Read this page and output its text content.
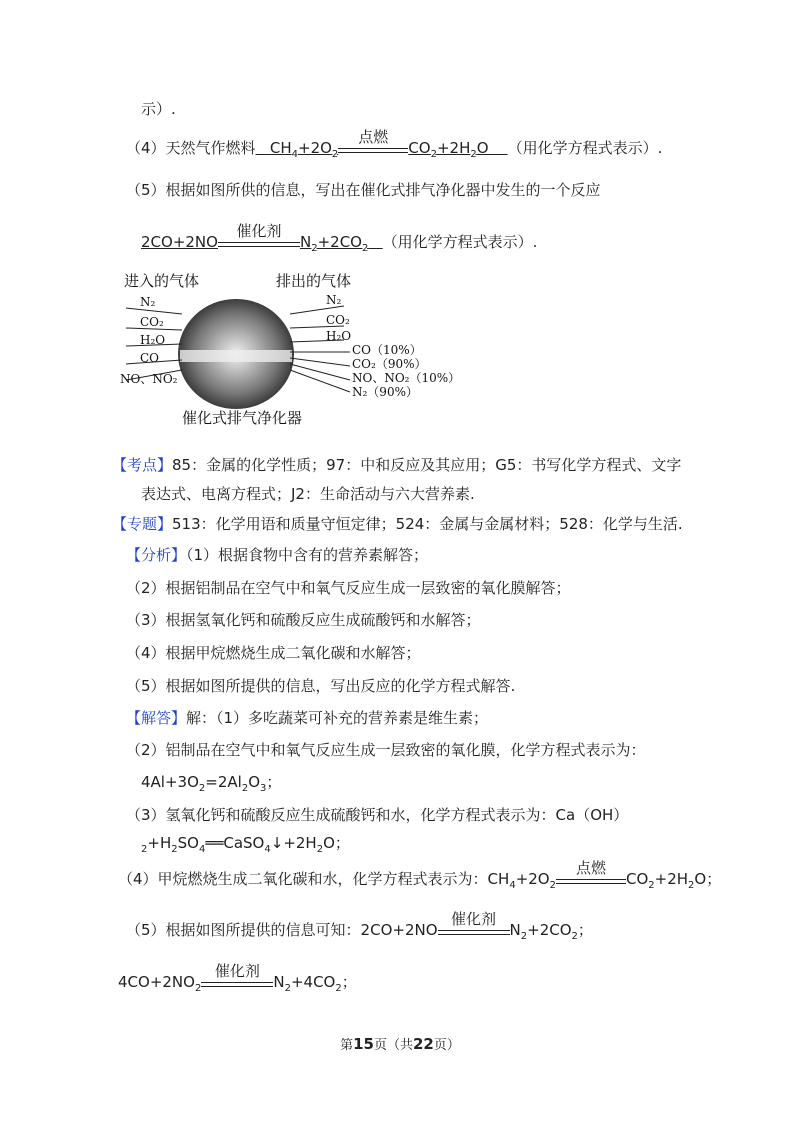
示）.
（4）天然气作燃料 $CH_4+2O_2$
点燃
$CO_2+2H_2O$    （用化学方程式表示）.
（5）根据如图所供的信息，写出在催化式排气净化器中发生的一个反应
2CO+2NO
催化剂
$N_2+2CO_2$ （用化学方程式表示）.
进入的气体	排出的气体
N₂
CO₂
H₂O
CO
NO、NO₂
N₂
CO₂
H₂O
CO（10%）
CO₂（90%）
NO、NO₂（10%）
N₂（90%）
催化式排气净化器
【考点】85：金属的化学性质；97：中和反应及其应用；G5：书写化学方程式、文字
表达式、电离方程式；J2：生命活动与六大营养素.
【专题】513：化学用语和质量守恒定律；524：金属与金属材料；528：化学与生活.
【分析】（1）根据食物中含有的营养素解答；
（2）根据铝制品在空气中和氧气反应生成一层致密的氧化膜解答；
（3）根据氢氧化钙和硫酸反应生成硫酸钙和水解答；
（4）根据甲烷燃烧生成二氧化碳和水解答；
（5）根据如图所提供的信息，写出反应的化学方程式解答.
【解答】解：（1）多吃蔬菜可补充的营养素是维生素；
（2）铝制品在空气中和氧气反应生成一层致密的氧化膜，化学方程式表示为：
$4Al+3O_2=2Al_2O_3$；
（3）氢氧化钙和硫酸反应生成硫酸钙和水，化学方程式表示为：Ca（OH）
$_2+H_2SO_4══CaSO_4↓+2H_2O$；
（4）甲烷燃烧生成二氧化碳和水，化学方程式表示为：$CH_4+2O_2$
点燃
$CO_2+2H_2O$；
（5）根据如图所提供的信息可知：2CO+2NO
催化剂
$N_2+2CO_2$；
$4CO+2NO_2$
催化剂
$N_2+4CO_2$；
第15页（共22页）
